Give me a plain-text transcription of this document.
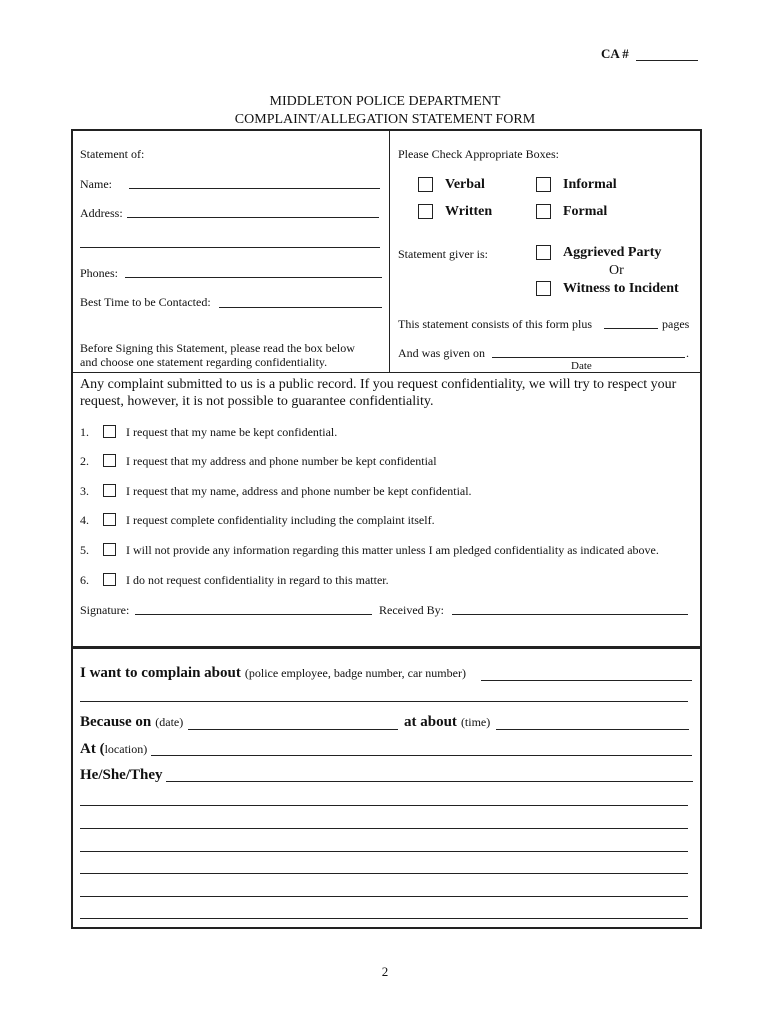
CA #
MIDDLETON POLICE DEPARTMENT
COMPLAINT/ALLEGATION STATEMENT FORM
Statement of:
Name:
Address:
Phones:
Best Time to be Contacted:
Before Signing this Statement, please read the box below
and choose one statement regarding confidentiality.
Please Check Appropriate Boxes:
Verbal	Informal
Written	Formal
Statement giver is:	Aggrieved Party
Or
Witness to Incident
This statement consists of this form plus	pages
And was given on	.
Date
Any complaint submitted to us is a public record. If you request confidentiality, we will try to respect your
request, however, it is not possible to guarantee confidentiality.
1.	I request that my name be kept confidential.
2.	I request that my address and phone number be kept confidential
3.	I request that my name, address and phone number be kept confidential.
4.	I request complete confidentiality including the complaint itself.
5.	I will not provide any information regarding this matter unless I am pledged confidentiality as indicated above.
6.	I do not request confidentiality in regard to this matter.
Signature:	Received By:
I want to complain about (police employee, badge number, car number)
Because on (date)	at about (time)
At (location)
He/She/They
2
